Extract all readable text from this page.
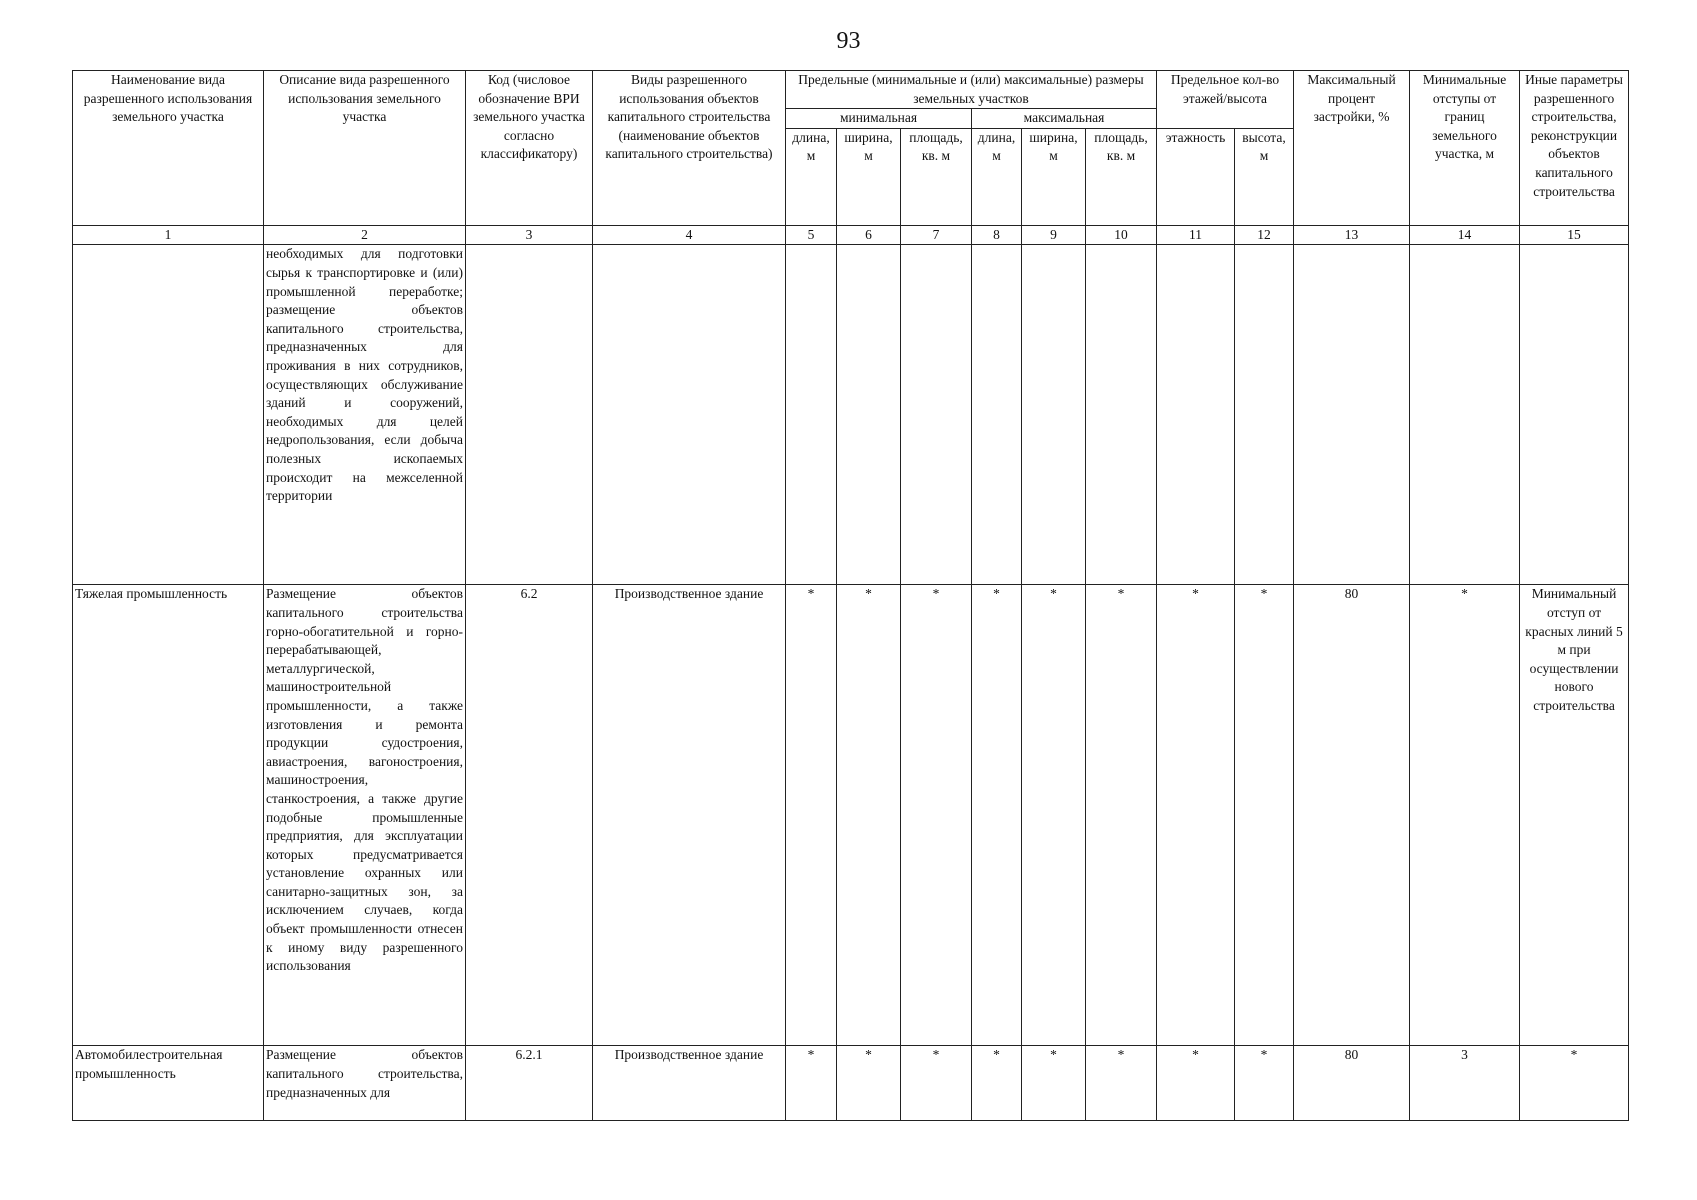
93
Наименование вида разрешенного использования земельного участка	Описание вида разрешенного использования земельного участка	Код (числовое обозначение ВРИ земельного участка согласно классификатору)	Виды разрешенного использования объектов капитального строительства (наименование объектов капитального строительства)	Предельные (минимальные и (или) максимальные) размеры земельных участков						Предельное кол-во этажей/высота		Максимальный процент застройки, %	Минимальные отступы от границ земельного участка, м	Иные параметры разрешенного строительства, реконструкции объектов капитального строительства
				минимальная			максимальная							
				длина, м	ширина, м	площадь, кв. м	длина, м	ширина, м	площадь, кв. м	этажность	высота, м			
1	2	3	4	5	6	7	8	9	10	11	12	13	14	15
	необходимых для подготовки сырья к транспортировке и (или) промышленной переработке; размещение объектов капитального строительства, предназначенных для проживания в них сотрудников, осуществляющих обслуживание зданий и сооружений, необходимых для целей недропользования, если добыча полезных ископаемых происходит на межселенной территории													
Тяжелая промышленность	Размещение объектов капитального строительства горно-обогатительной и горно-перерабатывающей, металлургической, машиностроительной промышленности, а также изготовления и ремонта продукции судостроения, авиастроения, вагоностроения, машиностроения, станкостроения, а также другие подобные промышленные предприятия, для эксплуатации которых предусматривается установление охранных или санитарно-защитных зон, за исключением случаев, когда объект промышленности отнесен к иному виду разрешенного использования	6.2	Производственное здание	*	*	*	*	*	*	*	*	80	*	Минимальный отступ от красных линий 5 м при осуществлении нового строительства
Автомобилестроительная промышленность	Размещение объектов капитального строительства, предназначенных для	6.2.1	Производственное здание	*	*	*	*	*	*	*	*	80	3	*
